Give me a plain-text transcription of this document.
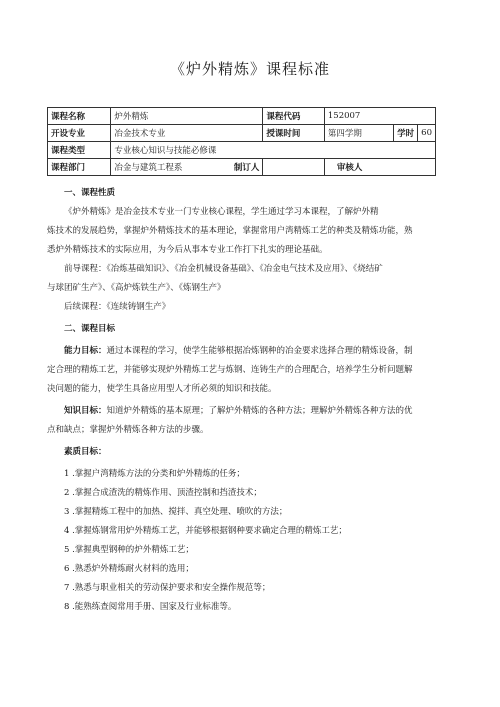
《炉外精炼》课程标准
课程名称	炉外精炼	课程代码	152007		
开设专业	冶金技术专业	授课时间	第四学期	学时	60
课程类型	专业核心知识与技能必修课				
课程部门	冶金与建筑工程系 制订人		审核人		

一、课程性质

《炉外精炼》是冶金技术专业一门专业核心课程，学生通过学习本课程，了解炉外精

炼技术的发展趋势，掌握炉外精炼技术的基本理论，掌握常用户湾精炼工艺的种类及精炼功能，熟

悉炉外精炼技术的实际应用，为今后从事本专业工作打下扎实的理论基础。

前导课程：《冶炼基础知识》、《冶金机械设备基础》、《冶金电气技术及应用》、《烧结矿

与球团矿生产》、《高炉炼铁生产》、《炼钢生产》

后续课程：《连续铸钢生产》

二、课程目标

能力目标：通过本课程的学习，使学生能够根据冶炼钢种的冶金要求选择合理的精炼设备，制

定合理的精炼工艺，并能够实现炉外精炼工艺与炼钢、连铸生产的合理配合，培养学生分析问题解

决问题的能力，使学生具备应用型人才所必须的知识和技能。

知识目标：知道炉外精炼的基本原理；了解炉外精炼的各种方法；理解炉外精炼各种方法的优

点和缺点；掌握炉外精炼各种方法的步骤。

素质目标：

1 .掌握户湾精炼方法的分类和炉外精炼的任务；

2 .掌握合成渣洗的精炼作用、顶渣控制和挡渣技术；

3 .掌握精炼工程中的加热、搅拌、真空处理、喷吹的方法；

4 .掌握炼钢常用炉外精炼工艺，并能够根据钢种要求确定合理的精炼工艺；

5 .掌握典型钢种的炉外精炼工艺；

6 .熟悉炉外精炼耐火材料的选用；

7 .熟悉与职业相关的劳动保护要求和安全操作规范等；

8 .能熟练查阅常用手册、国家及行业标准等。
